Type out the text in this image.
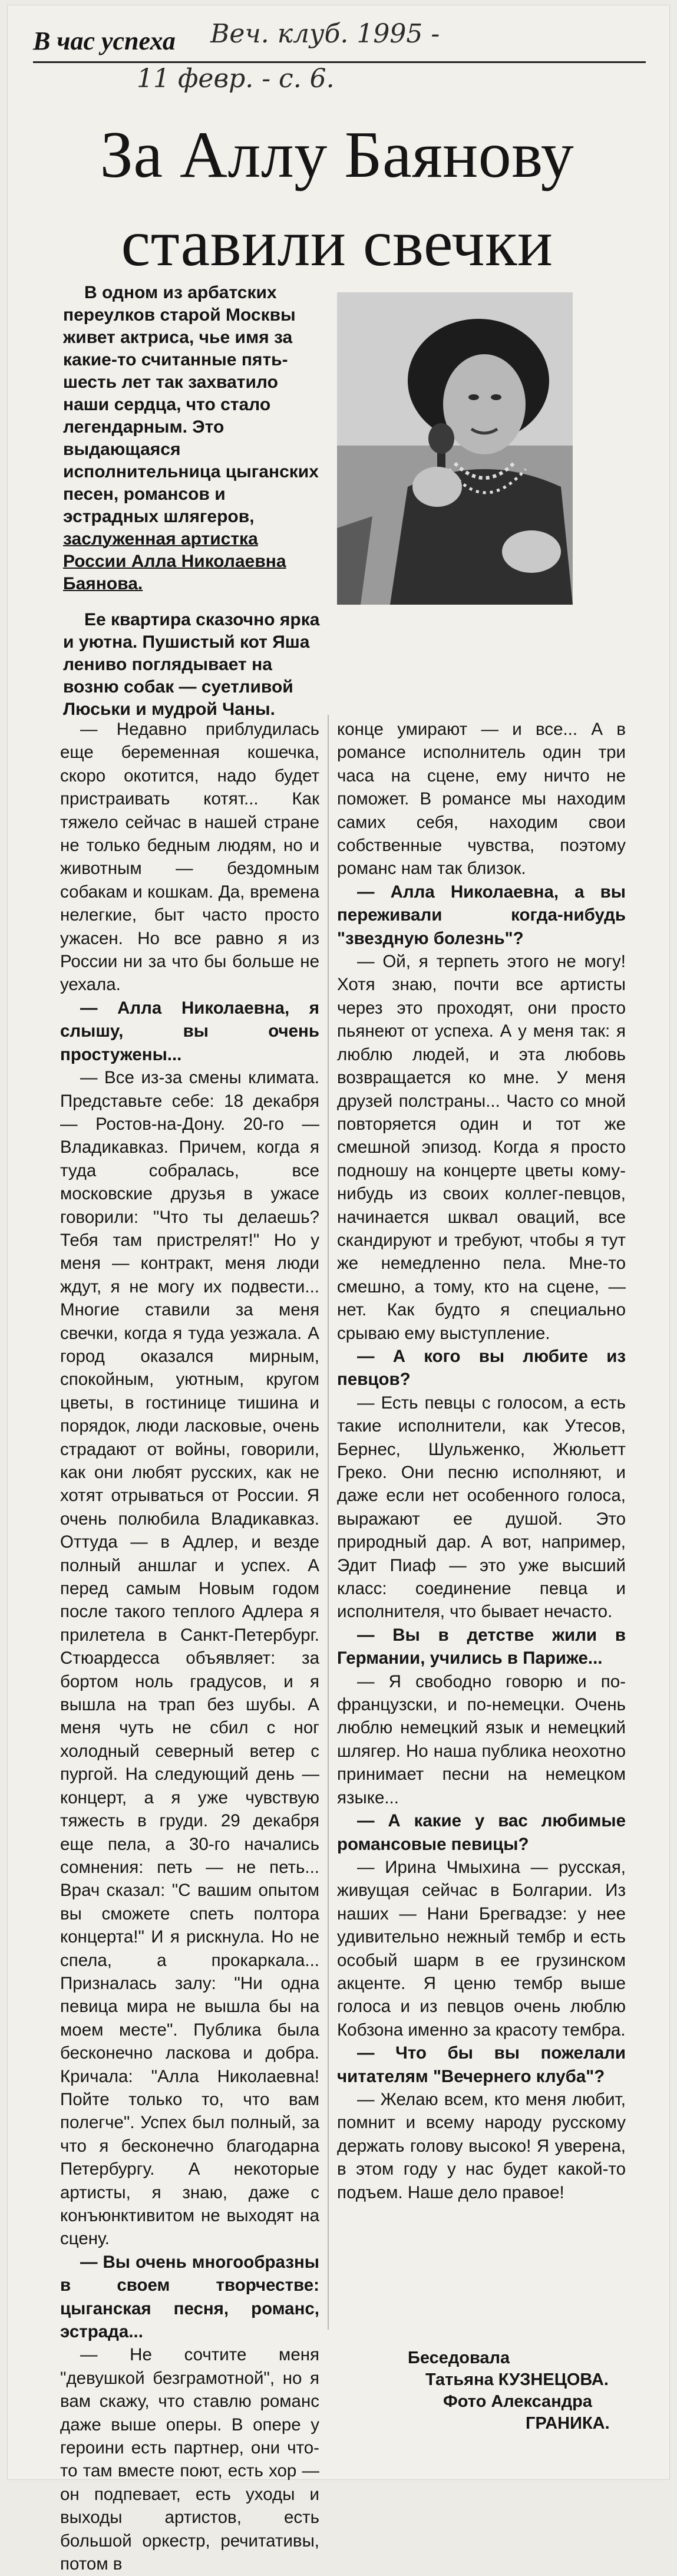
В час успеха Веч. клуб. 1995 -
11 февр. - с. 6.
За Аллу Баянову
ставили свечки

В одном из арбатских переулков старой Москвы живет актриса, чье имя за какие-то считанные пять-шесть лет так захватило наши сердца, что стало легендарным. Это выдающаяся исполнительница цыганских песен, романсов и эстрадных шлягеров, заслуженная артистка России Алла Николаевна Баянова.

Ее квартира сказочно ярка и уютна. Пушистый кот Яша лениво поглядывает на возню собак — суетливой Люськи и мудрой Чаны.

— Недавно приблудилась еще беременная кошечка, скоро окотится, надо будет пристраивать котят... Как тяжело сейчас в нашей стране не только бедным людям, но и животным — бездомным собакам и кошкам. Да, времена нелегкие, быт часто просто ужасен. Но все равно я из России ни за что бы больше не уехала.

— Алла Николаевна, я слышу, вы очень простужены...

— Все из-за смены климата. Представьте себе: 18 декабря — Ростов-на-Дону. 20-го — Владикавказ. Причем, когда я туда собралась, все московские друзья в ужасе говорили: "Что ты делаешь? Тебя там пристрелят!" Но у меня — контракт, меня люди ждут, я не могу их подвести... Многие ставили за меня свечки, когда я туда уезжала. А город оказался мирным, спокойным, уютным, кругом цветы, в гостинице тишина и порядок, люди ласковые, очень страдают от войны, говорили, как они любят русских, как не хотят отрываться от России. Я очень полюбила Владикавказ. Оттуда — в Адлер, и везде полный аншлаг и успех. А перед самым Новым годом после такого теплого Адлера я прилетела в Санкт-Петербург. Стюардесса объявляет: за бортом ноль градусов, и я вышла на трап без шубы. А меня чуть не сбил с ног холодный северный ветер с пургой. На следующий день — концерт, а я уже чувствую тяжесть в груди. 29 декабря еще пела, а 30-го начались сомнения: петь — не петь... Врач сказал: "С вашим опытом вы сможете спеть полтора концерта!" И я рискнула. Но не спела, а прокаркала... Призналась залу: "Ни одна певица мира не вышла бы на моем месте". Публика была бесконечно ласкова и добра. Кричала: "Алла Николаевна! Пойте только то, что вам полегче". Успех был полный, за что я бесконечно благодарна Петербургу. А некоторые артисты, я знаю, даже с конъюнктивитом не выходят на сцену.

— Вы очень многообразны в своем творчестве: цыганская песня, романс, эстрада...

— Не сочтите меня "девушкой безграмотной", но я вам скажу, что ставлю романс даже выше оперы. В опере у героини есть партнер, они что-то там вместе поют, есть хор — он подпевает, есть уходы и выходы артистов, есть большой оркестр, речитативы, потом в

конце умирают — и все... А в романсе исполнитель один три часа на сцене, ему ничто не поможет. В романсе мы находим самих себя, находим свои собственные чувства, поэтому романс нам так близок.

— Алла Николаевна, а вы переживали когда-нибудь "звездную болезнь"?

— Ой, я терпеть этого не могу! Хотя знаю, почти все артисты через это проходят, они просто пьянеют от успеха. А у меня так: я люблю людей, и эта любовь возвращается ко мне. У меня друзей полстраны... Часто со мной повторяется один и тот же смешной эпизод. Когда я просто подношу на концерте цветы кому-нибудь из своих коллег-певцов, начинается шквал оваций, все скандируют и требуют, чтобы я тут же немедленно пела. Мне-то смешно, а тому, кто на сцене, — нет. Как будто я специально срываю ему выступление.

— А кого вы любите из певцов?

— Есть певцы с голосом, а есть такие исполнители, как Утесов, Бернес, Шульженко, Жюльетт Греко. Они песню исполняют, и даже если нет особенного голоса, выражают ее душой. Это природный дар. А вот, например, Эдит Пиаф — это уже высший класс: соединение певца и исполнителя, что бывает нечасто.

— Вы в детстве жили в Германии, учились в Париже...

— Я свободно говорю и по-французски, и по-немецки. Очень люблю немецкий язык и немецкий шлягер. Но наша публика неохотно принимает песни на немецком языке...

— А какие у вас любимые романсовые певицы?

— Ирина Чмыхина — русская, живущая сейчас в Болгарии. Из наших — Нани Брегвадзе: у нее удивительно нежный тембр и есть особый шарм в ее грузинском акценте. Я ценю тембр выше голоса и из певцов очень люблю Кобзона именно за красоту тембра.

— Что бы вы пожелали читателям "Вечернего клуба"?

— Желаю всем, кто меня любит, помнит и всему народу русскому держать голову высоко! Я уверена, в этом году у нас будет какой-то подъем. Наше дело правое!

Беседовала
Татьяна КУЗНЕЦОВА.
Фото Александра
ГРАНИКА.
